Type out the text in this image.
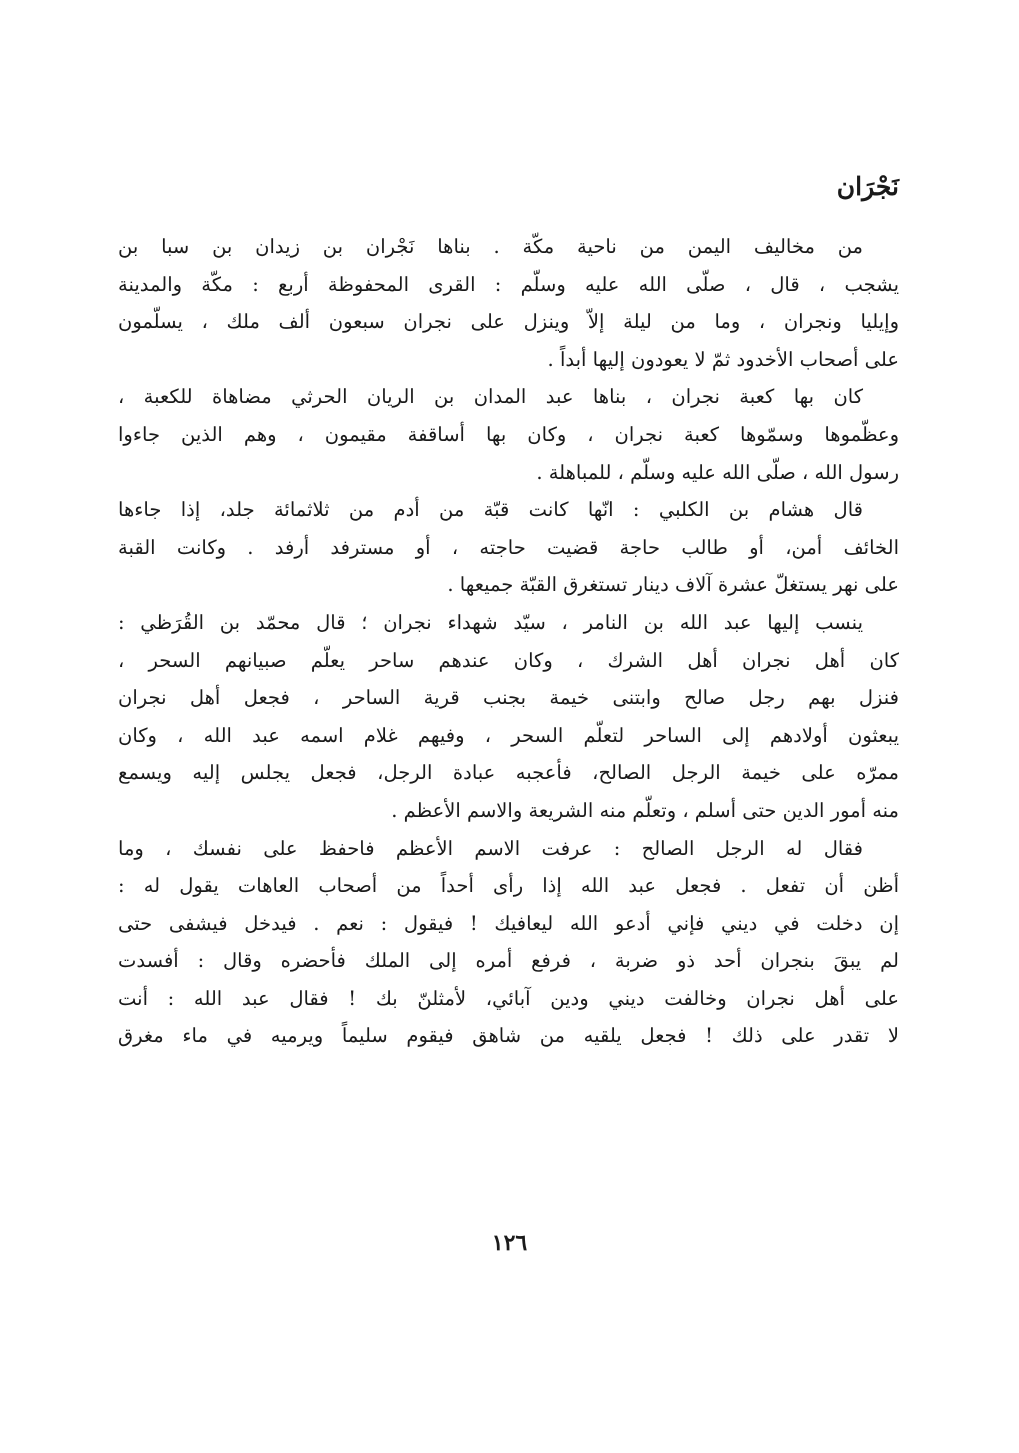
نَجْرَان
من مخاليف اليمن من ناحية مكّة . بناها نَجْران بن زيدان بن سبا بن
يشجب ، قال ، صلّى الله عليه وسلّم : القرى المحفوظة أربع : مكّة والمدينة
وإيليا ونجران ، وما من ليلة إلاّ وينزل على نجران سبعون ألف ملك ، يسلّمون
على أصحاب الأخدود ثمّ لا يعودون إليها أبداً .
كان بها كعبة نجران ، بناها عبد المدان بن الريان الحرثي مضاهاة للكعبة ،
وعظّموها وسمّوها كعبة نجران ، وكان بها أساقفة مقيمون ، وهم الذين جاءوا
رسول الله ، صلّى الله عليه وسلّم ، للمباهلة .
قال هشام بن الكلبي : انّها كانت قبّة من أدم من ثلاثمائة جلد، إذا جاءها
الخائف أمن، أو طالب حاجة قضيت حاجته ، أو مسترفد أرفد . وكانت القبة
على نهر يستغلّ عشرة آلاف دينار تستغرق القبّة جميعها .
ينسب إليها عبد الله بن النامر ، سيّد شهداء نجران ؛ قال محمّد بن القُرَظي :
كان أهل نجران أهل الشرك ، وكان عندهم ساحر يعلّم صبيانهم السحر ،
فنزل بهم رجل صالح وابتنى خيمة بجنب قرية الساحر ، فجعل أهل نجران
يبعثون أولادهم إلى الساحر لتعلّم السحر ، وفيهم غلام اسمه عبد الله ، وكان
ممرّه على خيمة الرجل الصالح، فأعجبه عبادة الرجل، فجعل يجلس إليه ويسمع
منه أمور الدين حتى أسلم ، وتعلّم منه الشريعة والاسم الأعظم .
فقال له الرجل الصالح : عرفت الاسم الأعظم فاحفظ على نفسك ، وما
أظن أن تفعل . فجعل عبد الله إذا رأى أحداً من أصحاب العاهات يقول له :
إن دخلت في ديني فإني أدعو الله ليعافيك ! فيقول : نعم . فيدخل فيشفى حتى
لم يبقَ بنجران أحد ذو ضربة ، فرفع أمره إلى الملك فأحضره وقال : أفسدت
على أهل نجران وخالفت ديني ودين آبائي، لأمثلنّ بك ! فقال عبد الله : أنت
لا تقدر على ذلك ! فجعل يلقيه من شاهق فيقوم سليماً ويرميه في ماء مغرق
١٢٦
